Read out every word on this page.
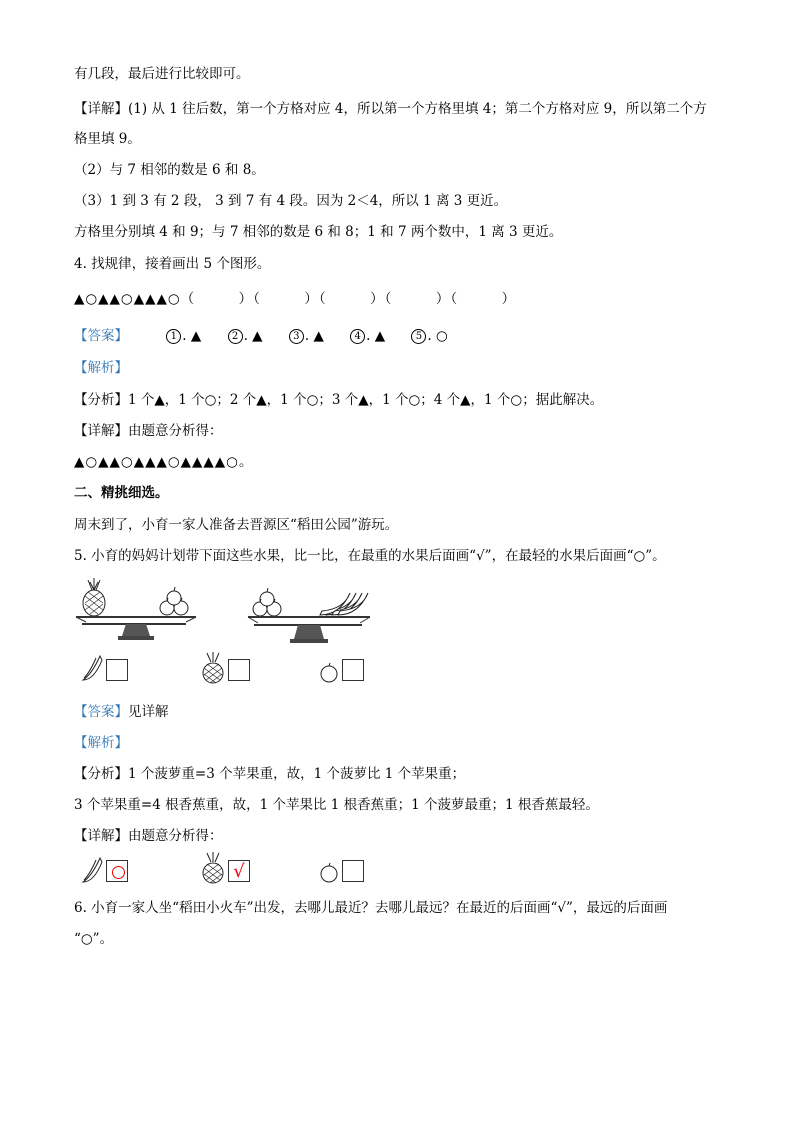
有几段，最后进行比较即可。
【详解】(1) 从 1 往后数，第一个方格对应 4，所以第一个方格里填 4；第二个方格对应 9，所以第二个方
格里填 9。
（2）与 7 相邻的数是 6 和 8。
（3）1 到 3 有 2 段， 3 到 7 有 4 段。因为 2＜4，所以 1 离 3 更近。
方格里分别填 4 和 9；与 7 相邻的数是 6 和 8；1 和 7 两个数中，1 离 3 更近。
4. 找规律，接着画出 5 个图形。
▲○▲▲○▲▲▲○（　　　）（　　　）（　　　）（　　　）（　　　）
【答案】	1 . ▲	2 . ▲	3 . ▲	4 . ▲	5 . ○
【解析】
【分析】1 个▲，1 个○；2 个▲，1 个○；3 个▲，1 个○；4 个▲，1 个○；据此解决。
【详解】由题意分析得：
▲○▲▲○▲▲▲○▲▲▲▲○。
二、精挑细选。
周末到了，小育一家人准备去晋源区“稻田公园”游玩。
5. 小育的妈妈计划带下面这些水果，比一比，在最重的水果后面画“√”，在最轻的水果后面画“○”。
【答案】见详解
【解析】
【分析】1 个菠萝重=3 个苹果重，故，1 个菠萝比 1 个苹果重；
3 个苹果重=4 根香蕉重，故，1 个苹果比 1 根香蕉重；1 个菠萝最重；1 根香蕉最轻。
【详解】由题意分析得：
√
6. 小育一家人坐“稻田小火车”出发，去哪儿最近？去哪儿最远？在最近的后面画“√”，最远的后面画
“○”。
